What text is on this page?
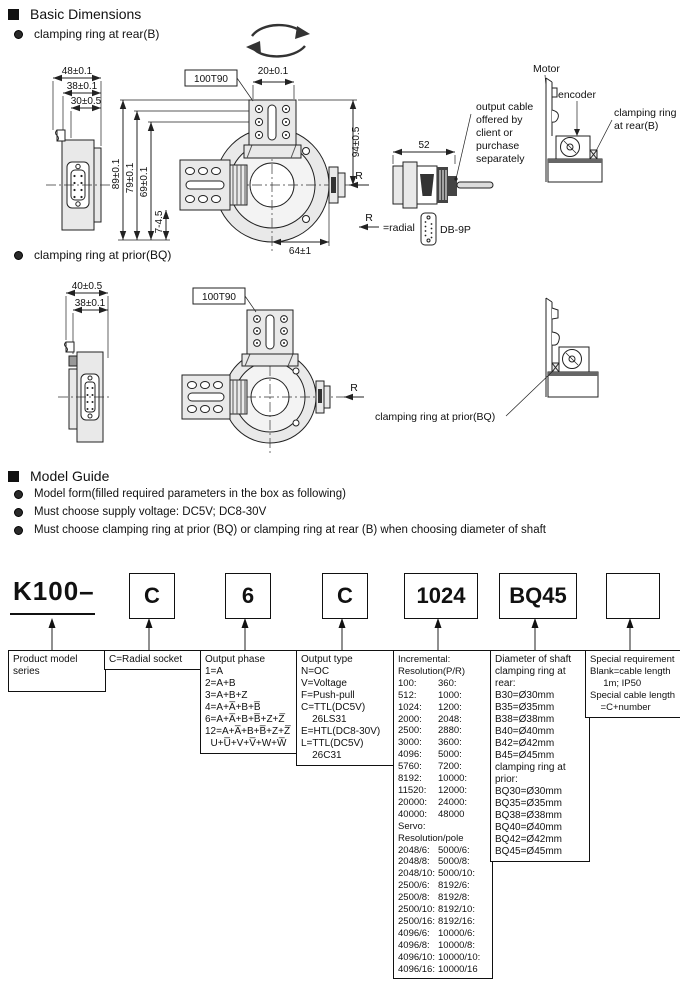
Basic Dimensions
clamping ring at rear(B)
48±0.1
38±0.1
30±0.5
100T90
20±0.1
89±0.1 79±0.1 69±0.1
7-4.5
94±0.5
64±1
R
52
output cable
offered by
client or
purchase
separately
R
=radial DB-9P
Motor
encoder
clamping ring
at rear(B)
clamping ring at prior(BQ)
40±0.5
38±0.1
100T90
R
clamping ring at prior(BQ)
Model Guide
Model form(filled required parameters in the box as following)
Must choose supply voltage: DC5V; DC8-30V
Must choose clamping ring at prior (BQ) or clamping ring at rear (B) when choosing diameter of shaft
K100–	C	6	C	1024	BQ45
Product model
series
C=Radial socket	Output phase
1=A
2=A+B
3=A+B+Z
4=A+A̅+B+B̅
6=A+A̅+B+B̅+Z+Z̅
12=A+A̅+B+B̅+Z+Z̅
U+U̅+V+V̅+W+W̅
Output type
N=OC
V=Voltage
F=Push-pull
C=TTL(DC5V)
26LS31
E=HTL(DC8-30V)
L=TTL(DC5V)
26C31
Incremental:
Resolution(P/R)
100: 360:
512: 1000:
1024: 1200:
2000: 2048:
2500: 2880:
3000: 3600:
4096: 5000:
5760: 7200:
8192: 10000:
11520: 12000:
20000: 24000:
40000: 48000
Servo:
Resolution/pole
2048/6: 5000/6:
2048/8: 5000/8:
2048/10: 5000/10:
2500/6: 8192/6:
2500/8: 8192/8:
2500/10: 8192/10:
2500/16: 8192/16:
4096/6: 10000/6:
4096/8: 10000/8:
4096/10: 10000/10:
4096/16: 10000/16
Diameter of shaft
clamping ring at
rear:
B30=Ø30mm
B35=Ø35mm
B38=Ø38mm
B40=Ø40mm
B42=Ø42mm
B45=Ø45mm
clamping ring at
prior:
BQ30=Ø30mm
BQ35=Ø35mm
BQ38=Ø38mm
BQ40=Ø40mm
BQ42=Ø42mm
BQ45=Ø45mm
Special requirement
Blank=cable length
1m; IP50
Special cable length
=C+number
